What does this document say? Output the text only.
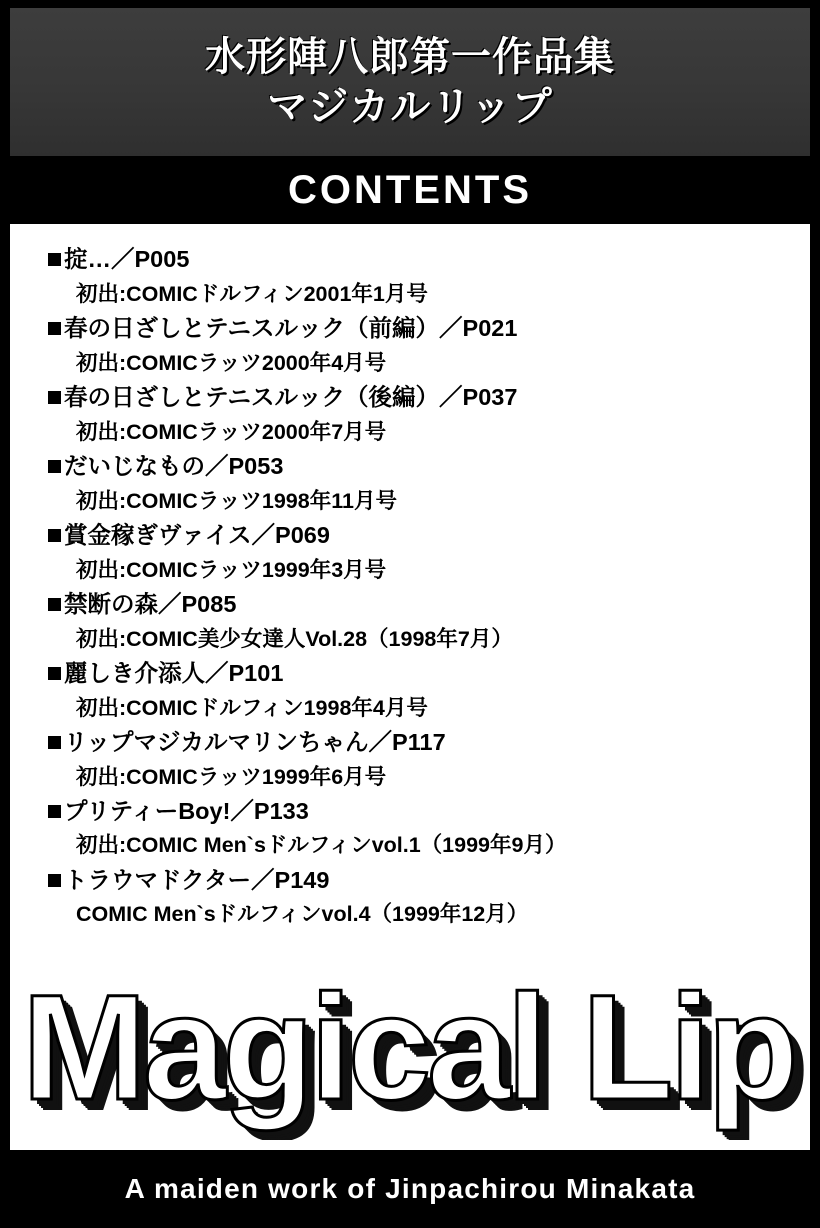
水形陣八郎第一作品集
マジカルリップ
CONTENTS
掟…／P005
初出:COMICドルフィン2001年1月号
春の日ざしとテニスルック（前編）／P021
初出:COMICラッツ2000年4月号
春の日ざしとテニスルック（後編）／P037
初出:COMICラッツ2000年7月号
だいじなもの／P053
初出:COMICラッツ1998年11月号
賞金稼ぎヴァイス／P069
初出:COMICラッツ1999年3月号
禁断の森／P085
初出:COMIC美少女達人Vol.28（1998年7月）
麗しき介添人／P101
初出:COMICドルフィン1998年4月号
リップマジカルマリンちゃん／P117
初出:COMICラッツ1999年6月号
プリティーBoy!／P133
初出:COMIC Men`sドルフィンvol.1（1999年9月）
トラウマドクター／P149
COMIC Men`sドルフィンvol.4（1999年12月）
Magical Lip
A maiden work of Jinpachirou Minakata
